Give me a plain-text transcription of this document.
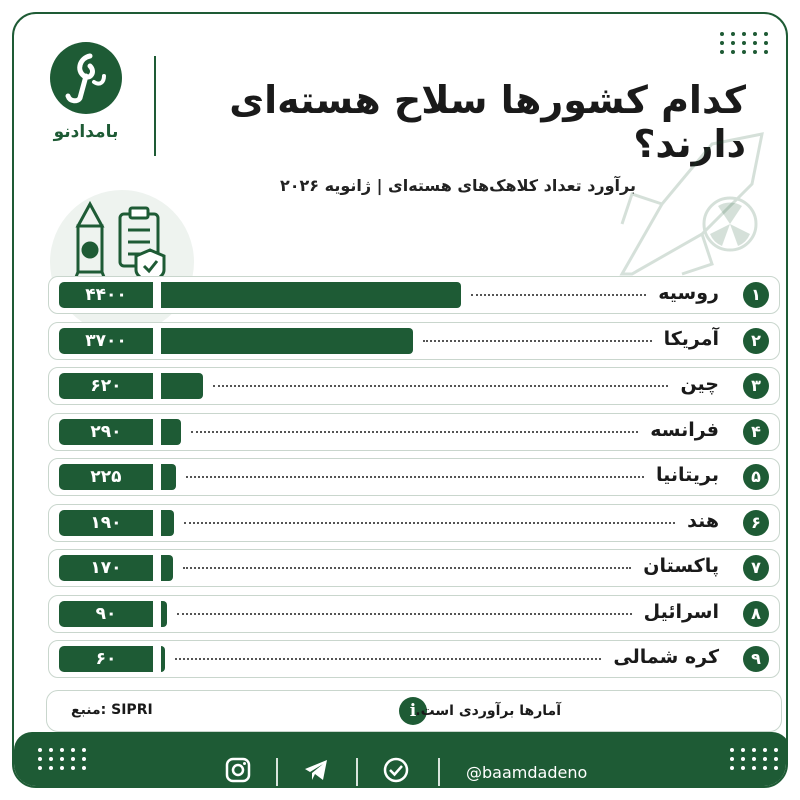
بامدادنو
کدام کشورها سلاح هسته‌ای دارند؟
برآورد تعداد کلاهک‌های هسته‌ای | ژانویه ۲۰۲۶
۴۴۰۰	روسیه	۱
۳۷۰۰	آمریکا	۲
۶۲۰	چین	۳
۲۹۰	فرانسه	۴
۲۲۵	بریتانیا	۵
۱۹۰	هند	۶
۱۷۰	پاکستان	۷
۹۰	اسرائیل	۸
۶۰	کره شمالی	۹
منبع: SIPRI	i آمارها برآوردی است.
@baamdadeno
